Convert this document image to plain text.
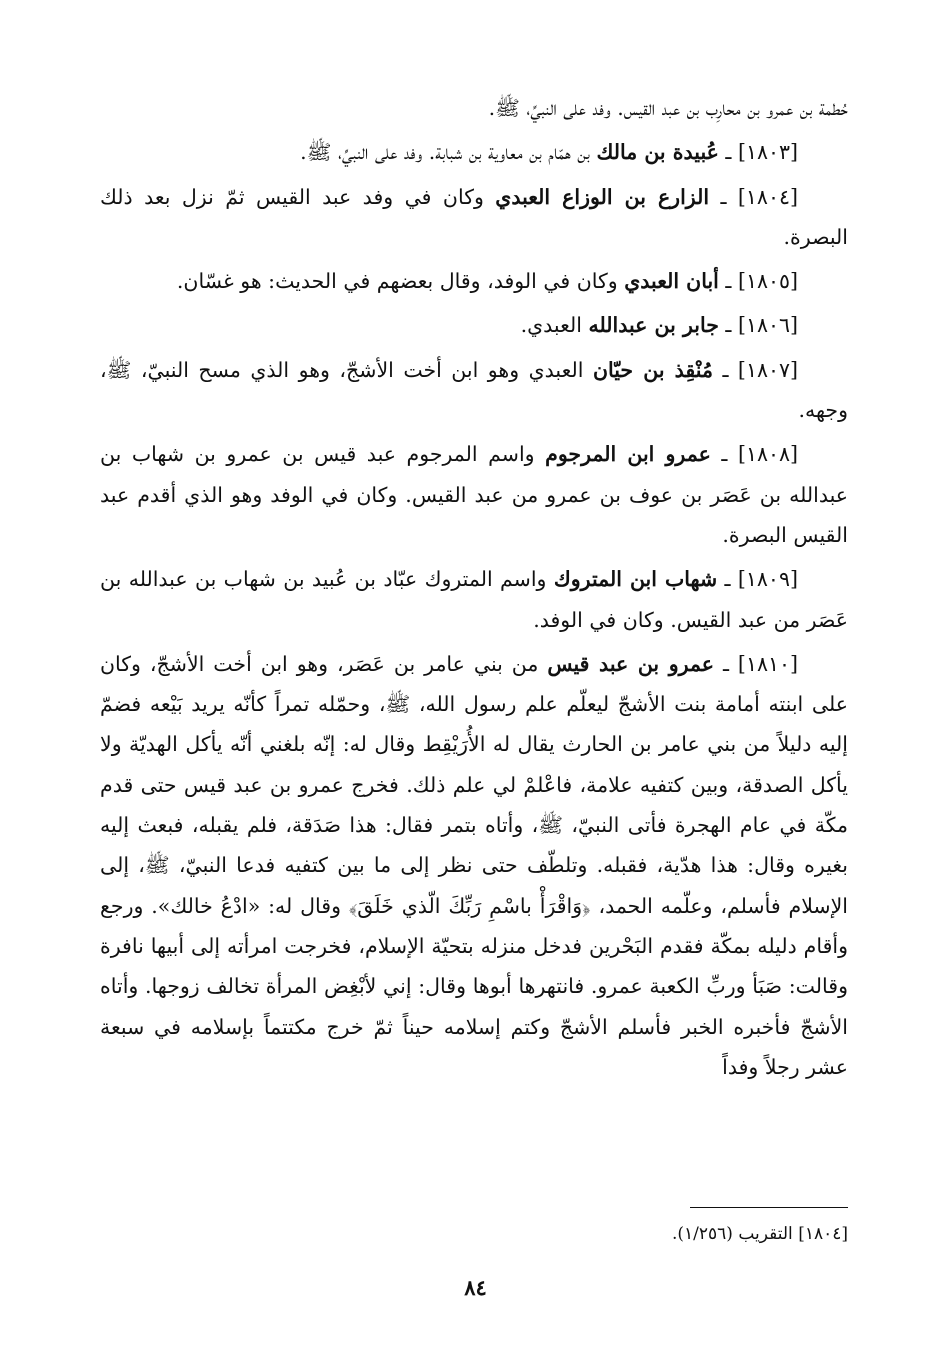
حُطمة بن عمرو بن محارِب بن عبد القيس. وفد على النبيِّ، ﷺ.

[١٨٠٣] ـ عُبيدة بن مالك بن همّام بن معاوية بن شبابة. وفد على النبيِّ، ﷺ.

[١٨٠٤] ـ الزارع بن الوزاع العبدي وكان في وفد عبد القيس ثمّ نزل بعد ذلك البصرة.

[١٨٠٥] ـ أبان العبدي وكان في الوفد، وقال بعضهم في الحديث: هو غسّان.

[١٨٠٦] ـ جابر بن عبدالله العبدي.

[١٨٠٧] ـ مُنْقِذ بن حيّان العبدي وهو ابن أخت الأشجّ، وهو الذي مسح النبيّ، ﷺ، وجهه.

[١٨٠٨] ـ عمرو ابن المرجوم واسم المرجوم عبد قيس بن عمرو بن شهاب بن عبدالله بن عَصَر بن عوف بن عمرو من عبد القيس. وكان في الوفد وهو الذي أقدم عبد القيس البصرة.

[١٨٠٩] ـ شهاب ابن المتروك واسم المتروك عبّاد بن عُبيد بن شهاب بن عبدالله بن عَصَر من عبد القيس. وكان في الوفد.

[١٨١٠] ـ عمرو بن عبد قيس من بني عامر بن عَصَر، وهو ابن أخت الأشجّ، وكان على ابنته أمامة بنت الأشجّ ليعلّم علم رسول الله، ﷺ، وحمّله تمراً كأنّه يريد بَيْعه فضمّ إليه دليلاً من بني عامر بن الحارث يقال له الأُرَيْقِط وقال له: إنّه بلغني أنّه يأكل الهديّة ولا يأكل الصدقة، وبين كتفيه علامة، فاعْلمْ لي علم ذلك. فخرج عمرو بن عبد قيس حتى قدم مكّة في عام الهجرة فأتى النبيّ، ﷺ، وأتاه بتمر فقال: هذا صَدَقة، فلم يقبله، فبعث إليه بغيره وقال: هذا هدّية، فقبله. وتلطّف حتى نظر إلى ما بين كتفيه فدعا النبيّ، ﷺ، إلى الإسلام فأسلم، وعلّمه الحمد، ﴿وَاقْرَأْ باسْمِ رَبِّكَ الّذي خَلَقَ﴾ وقال له: «ادْعُ خالك». ورجع وأقام دليله بمكّة فقدم البَحْرين فدخل منزله بتحيّة الإسلام، فخرجت امرأته إلى أبيها نافرة وقالت: صَبَأ وربِّ الكعبة عمرو. فانتهرها أبوها وقال: إني لأبْغِض المرأة تخالف زوجها. وأتاه الأشجّ فأخبره الخبر فأسلم الأشجّ وكتم إسلامه حيناً ثمّ خرج مكتتماً بإسلامه في سبعة عشر رجلاً وفداً

[١٨٠٤] التقريب (١/٢٥٦).
٨٤
